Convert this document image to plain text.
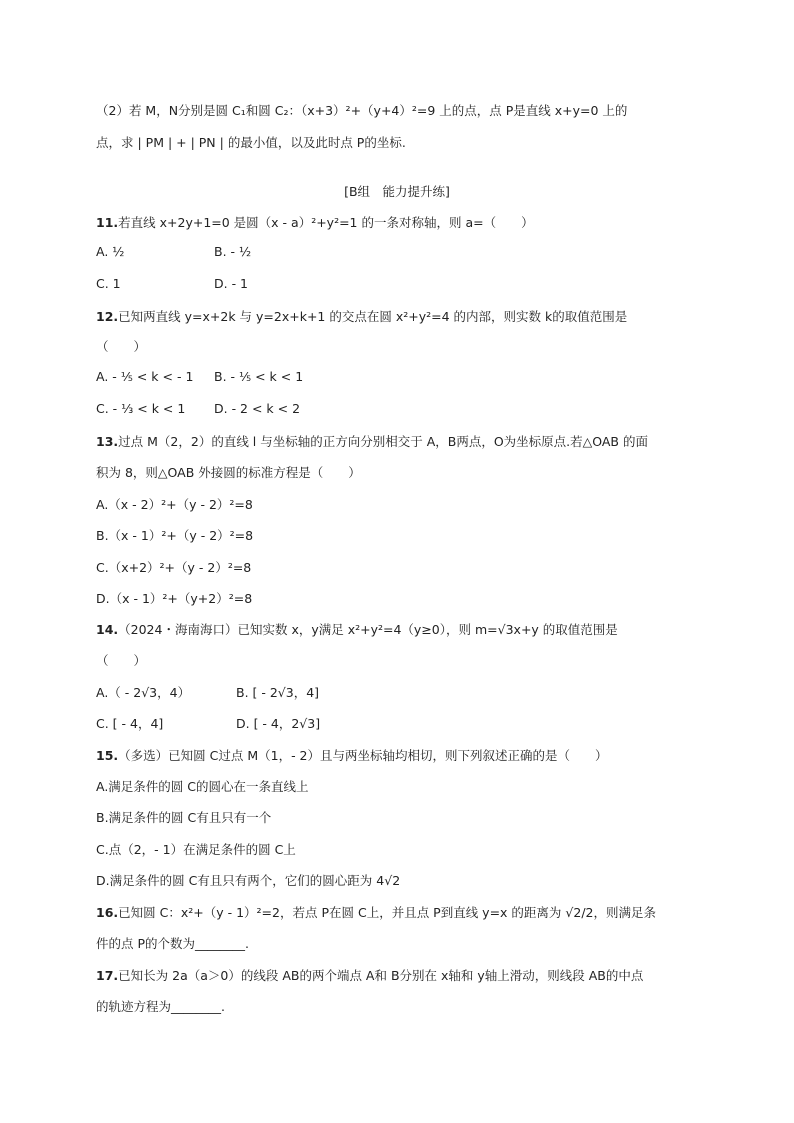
（2）若 M，N分别是圆 C₁和圆 C₂：（x+3）²+（y+4）²=9 上的点，点 P是直线 x+y=0 上的
点，求 | PM | + | PN | 的最小值，以及此时点 P的坐标.
[B组　能力提升练]
11.若直线 x+2y+1=0 是圆（x - a）²+y²=1 的一条对称轴，则 a=（　　）
A. ½	B. - ½
C. 1	D. - 1
12.已知两直线 y=x+2k 与 y=2x+k+1 的交点在圆 x²+y²=4 的内部，则实数 k的取值范围是
（　　）
A. - ⅕ < k < - 1 B. - ⅕ < k < 1
C. - ⅓ < k < 1 D. - 2 < k < 2
13.过点 M（2，2）的直线 l 与坐标轴的正方向分别相交于 A，B两点，O为坐标原点.若△OAB 的面
积为 8，则△OAB 外接圆的标准方程是（　　）
A.（x - 2）²+（y - 2）²=8
B.（x - 1）²+（y - 2）²=8
C.（x+2）²+（y - 2）²=8
D.（x - 1）²+（y+2）²=8
14.（2024・海南海口）已知实数 x，y满足 x²+y²=4（y≥0），则 m=√3x+y 的取值范围是
（　　）
A.（ - 2√3，4）	B. [ - 2√3，4]
C. [ - 4，4]	D. [ - 4，2√3]
15.（多选）已知圆 C过点 M（1，- 2）且与两坐标轴均相切，则下列叙述正确的是（　　）
A.满足条件的圆 C的圆心在一条直线上
B.满足条件的圆 C有且只有一个
C.点（2，- 1）在满足条件的圆 C上
D.满足条件的圆 C有且只有两个，它们的圆心距为 4√2
16.已知圆 C：x²+（y - 1）²=2，若点 P在圆 C上，并且点 P到直线 y=x 的距离为 √2/2，则满足条
件的点 P的个数为________.
17.已知长为 2a（a＞0）的线段 AB的两个端点 A和 B分别在 x轴和 y轴上滑动，则线段 AB的中点
的轨迹方程为________.
